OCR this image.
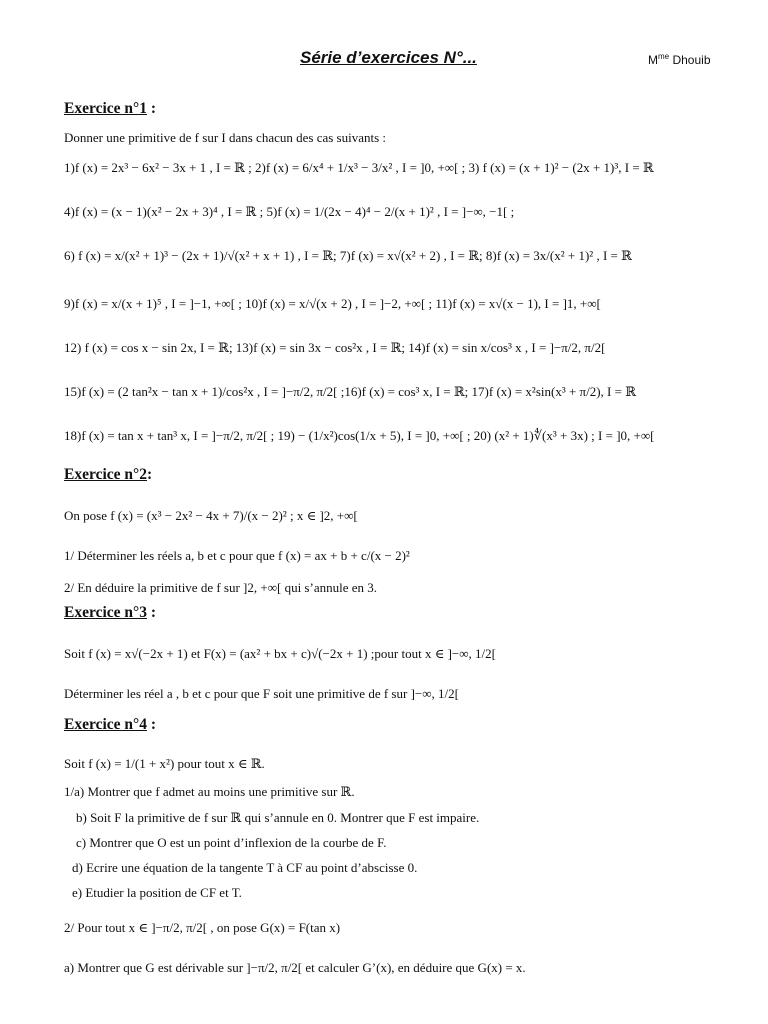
Série d’exercices N°...	$M^{me}$ Dhouib
Exercice n°1 :
Donner une primitive de f sur I dans chacun des cas suivants :
1)f (x) = 2x³ − 6x² − 3x + 1 , I = ℝ ; 2)f (x) = 6/x⁴ + 1/x³ − 3/x² , I = ]0, +∞[ ; 3) f (x) = (x + 1)² − (2x + 1)³, I = ℝ
4)f (x) = (x − 1)(x² − 2x + 3)⁴ , I = ℝ ; 5)f (x) = 1/(2x − 4)⁴ − 2/(x + 1)² , I = ]−∞, −1[ ;
6) f (x) = x/(x² + 1)³ − (2x + 1)/√(x² + x + 1) , I = ℝ; 7)f (x) = x√(x² + 2) , I = ℝ; 8)f (x) = 3x/(x² + 1)² , I = ℝ
9)f (x) = x/(x + 1)⁵ , I = ]−1, +∞[ ; 10)f (x) = x/√(x + 2) , I = ]−2, +∞[ ; 11)f (x) = x√(x − 1), I = ]1, +∞[
12) f (x) = cos x − sin 2x, I = ℝ; 13)f (x) = sin 3x − cos²x , I = ℝ; 14)f (x) = sin x/cos³ x , I = ]−π/2, π/2[
15)f (x) = (2 tan²x − tan x + 1)/cos²x , I = ]−π/2, π/2[ ;16)f (x) = cos³ x, I = ℝ; 17)f (x) = x²sin(x³ + π/2), I = ℝ
18)f (x) = tan x + tan³ x, I = ]−π/2, π/2[ ; 19) − (1/x²)cos(1/x + 5), I = ]0, +∞[ ; 20) (x² + 1)∜(x³ + 3x) ; I = ]0, +∞[
Exercice n°2:
On pose f (x) = (x³ − 2x² − 4x + 7)/(x − 2)² ; x ∈ ]2, +∞[
1/ Déterminer les réels a, b et c pour que f (x) = ax + b + c/(x − 2)²
2/ En déduire la primitive de f sur ]2, +∞[ qui s’annule en 3.
Exercice n°3 :
Soit f (x) = x√(−2x + 1) et F(x) = (ax² + bx + c)√(−2x + 1) ;pour tout x ∈ ]−∞, 1/2[
Déterminer les réel a , b et c pour que F soit une primitive de f sur ]−∞, 1/2[
Exercice n°4 :
Soit f (x) = 1/(1 + x²) pour tout x ∈ ℝ.
1/a) Montrer que f admet au moins une primitive sur ℝ.
b) Soit F la primitive de f sur ℝ qui s’annule en 0. Montrer que F est impaire.
c) Montrer que O est un point d’inflexion de la courbe de F.
d) Ecrire une équation de la tangente T à CF au point d’abscisse 0.
e) Etudier la position de CF et T.
2/ Pour tout x ∈ ]−π/2, π/2[ , on pose G(x) = F(tan x)
a) Montrer que G est dérivable sur ]−π/2, π/2[ et calculer G’(x), en déduire que G(x) = x.
